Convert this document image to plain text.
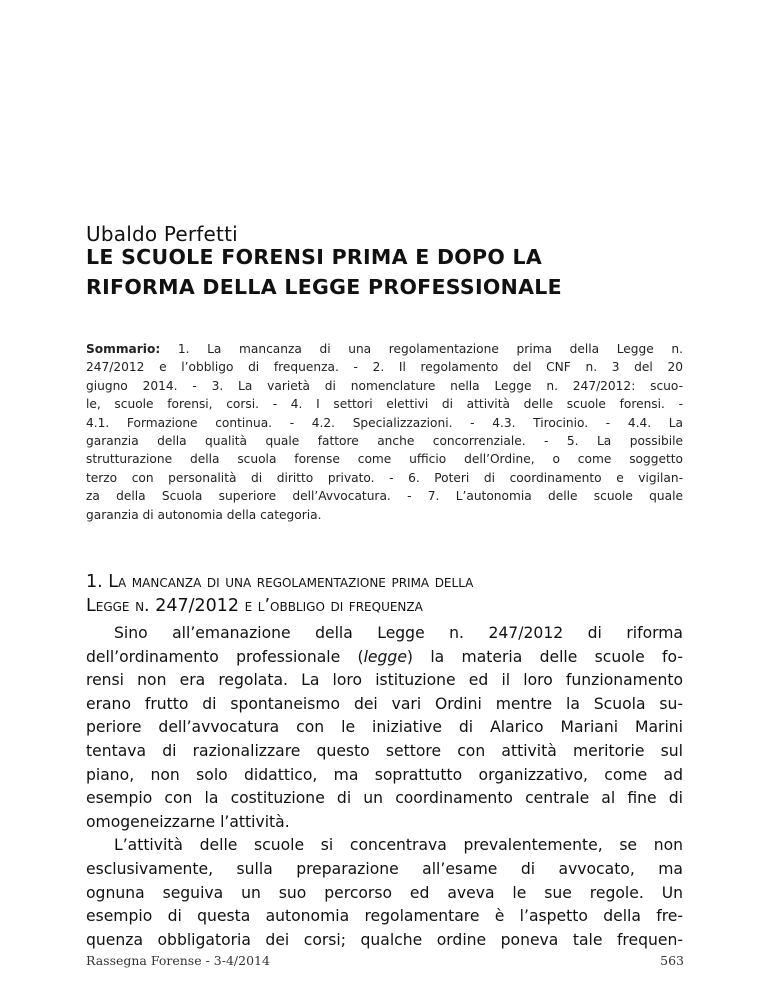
Ubaldo Perfetti
LE SCUOLE FORENSI PRIMA E DOPO LA
RIFORMA DELLA LEGGE PROFESSIONALE
Sommario: 1. La mancanza di una regolamentazione prima della Legge n.
247/2012 e l’obbligo di frequenza. - 2. Il regolamento del CNF n. 3 del 20
giugno 2014. - 3. La varietà di nomenclature nella Legge n. 247/2012: scuo-
le, scuole forensi, corsi. - 4. I settori elettivi di attività delle scuole forensi. -
4.1. Formazione continua. - 4.2. Specializzazioni. - 4.3. Tirocinio. - 4.4. La
garanzia della qualità quale fattore anche concorrenziale. - 5. La possibile
strutturazione della scuola forense come ufficio dell’Ordine, o come soggetto
terzo con personalità di diritto privato. - 6. Poteri di coordinamento e vigilan-
za della Scuola superiore dell’Avvocatura. - 7. L’autonomia delle scuole quale
garanzia di autonomia della categoria.
1. La mancanza di una regolamentazione prima della
Legge n. 247/2012 e l’obbligo di frequenza
Sino all’emanazione della Legge n. 247/2012 di riforma
dell’ordinamento professionale (legge) la materia delle scuole fo-
rensi non era regolata. La loro istituzione ed il loro funzionamento
erano frutto di spontaneismo dei vari Ordini mentre la Scuola su-
periore dell’avvocatura con le iniziative di Alarico Mariani Marini
tentava di razionalizzare questo settore con attività meritorie sul
piano, non solo didattico, ma soprattutto organizzativo, come ad
esempio con la costituzione di un coordinamento centrale al fine di
omogeneizzarne l’attività.
L’attività delle scuole si concentrava prevalentemente, se non
esclusivamente, sulla preparazione all’esame di avvocato, ma
ognuna seguiva un suo percorso ed aveva le sue regole. Un
esempio di questa autonomia regolamentare è l’aspetto della fre-
quenza obbligatoria dei corsi; qualche ordine poneva tale frequen-
Rassegna Forense - 3-4/2014	563
